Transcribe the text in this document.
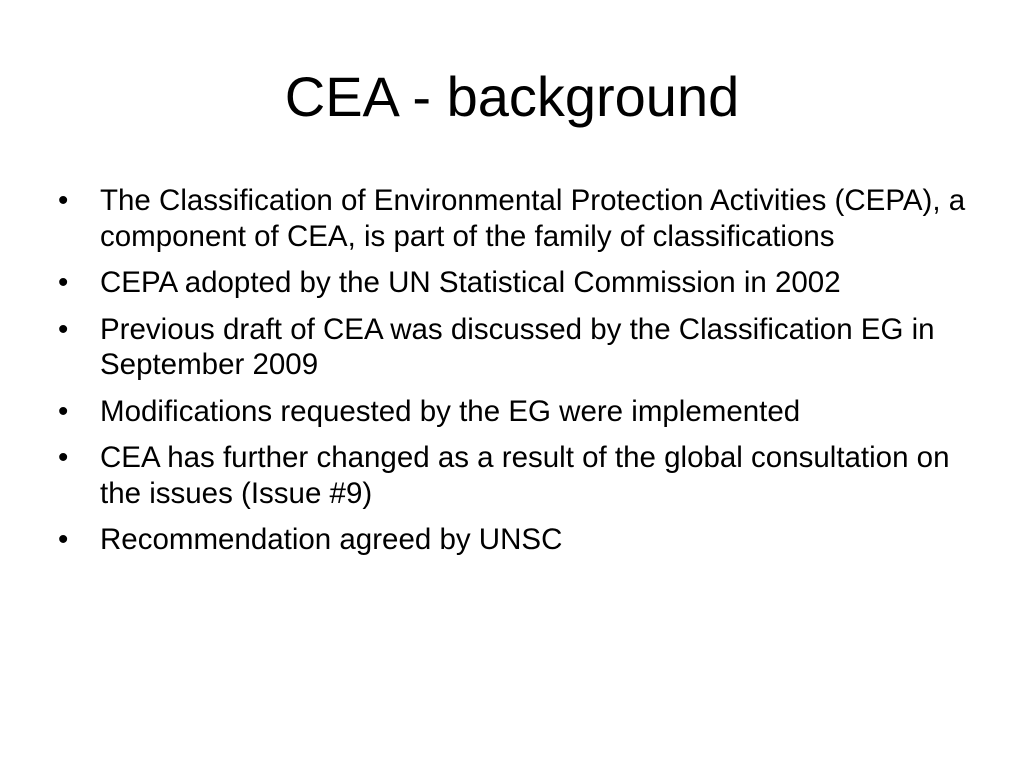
CEA - background
•	The Classification of Environmental Protection Activities (CEPA), a component of CEA, is part of the family of classifications
•	CEPA adopted by the UN Statistical Commission in 2002
•	Previous draft of CEA was discussed by the Classification EG in September 2009
•	Modifications requested by the EG were implemented
•	CEA has further changed as a result of the global consultation on the issues (Issue #9)
•	Recommendation agreed by UNSC
